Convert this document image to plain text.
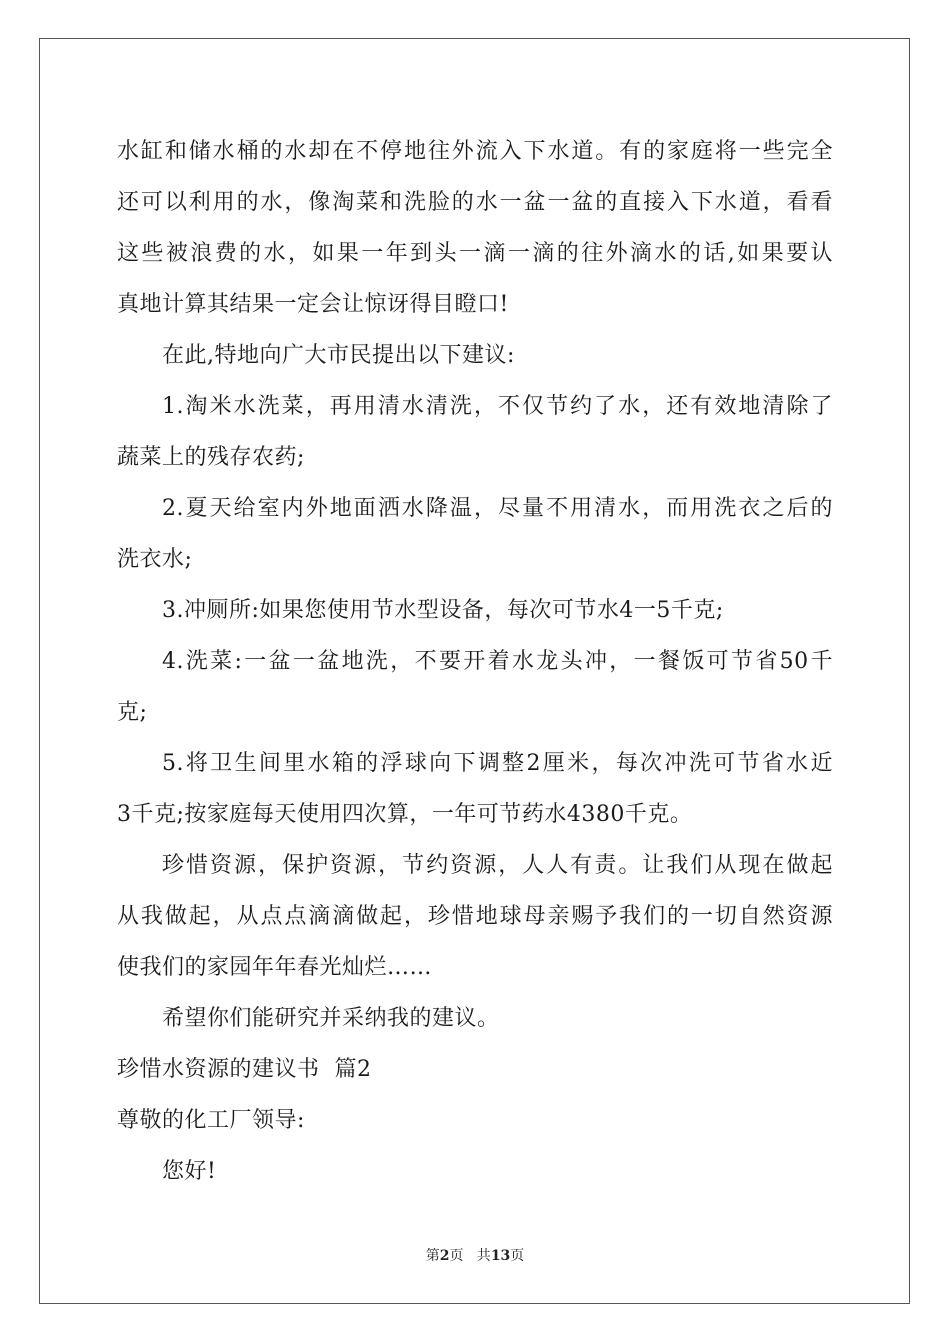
水缸和储水桶的水却在不停地往外流入下水道。有的家庭将一些完全
还可以利用的水，像淘菜和洗脸的水一盆一盆的直接入下水道，看看
这些被浪费的水，如果一年到头一滴一滴的往外滴水的话,如果要认
真地计算其结果一定会让惊讶得目瞪口!
在此,特地向广大市民提出以下建议:
1.淘米水洗菜，再用清水清洗，不仅节约了水，还有效地清除了
蔬菜上的残存农药;
2.夏天给室内外地面洒水降温，尽量不用清水，而用洗衣之后的
洗衣水;
3.冲厕所:如果您使用节水型设备，每次可节水4一5千克;
4.洗菜:一盆一盆地洗，不要开着水龙头冲，一餐饭可节省50千
克;
5.将卫生间里水箱的浮球向下调整2厘米，每次冲洗可节省水近
3千克;按家庭每天使用四次算，一年可节药水4380千克。
珍惜资源，保护资源，节约资源，人人有责。让我们从现在做起
从我做起，从点点滴滴做起，珍惜地球母亲赐予我们的一切自然资源
使我们的家园年年春光灿烂……
希望你们能研究并采纳我的建议。
珍惜水资源的建议书  篇2
尊敬的化工厂领导:
您好!
第2页   共13页
